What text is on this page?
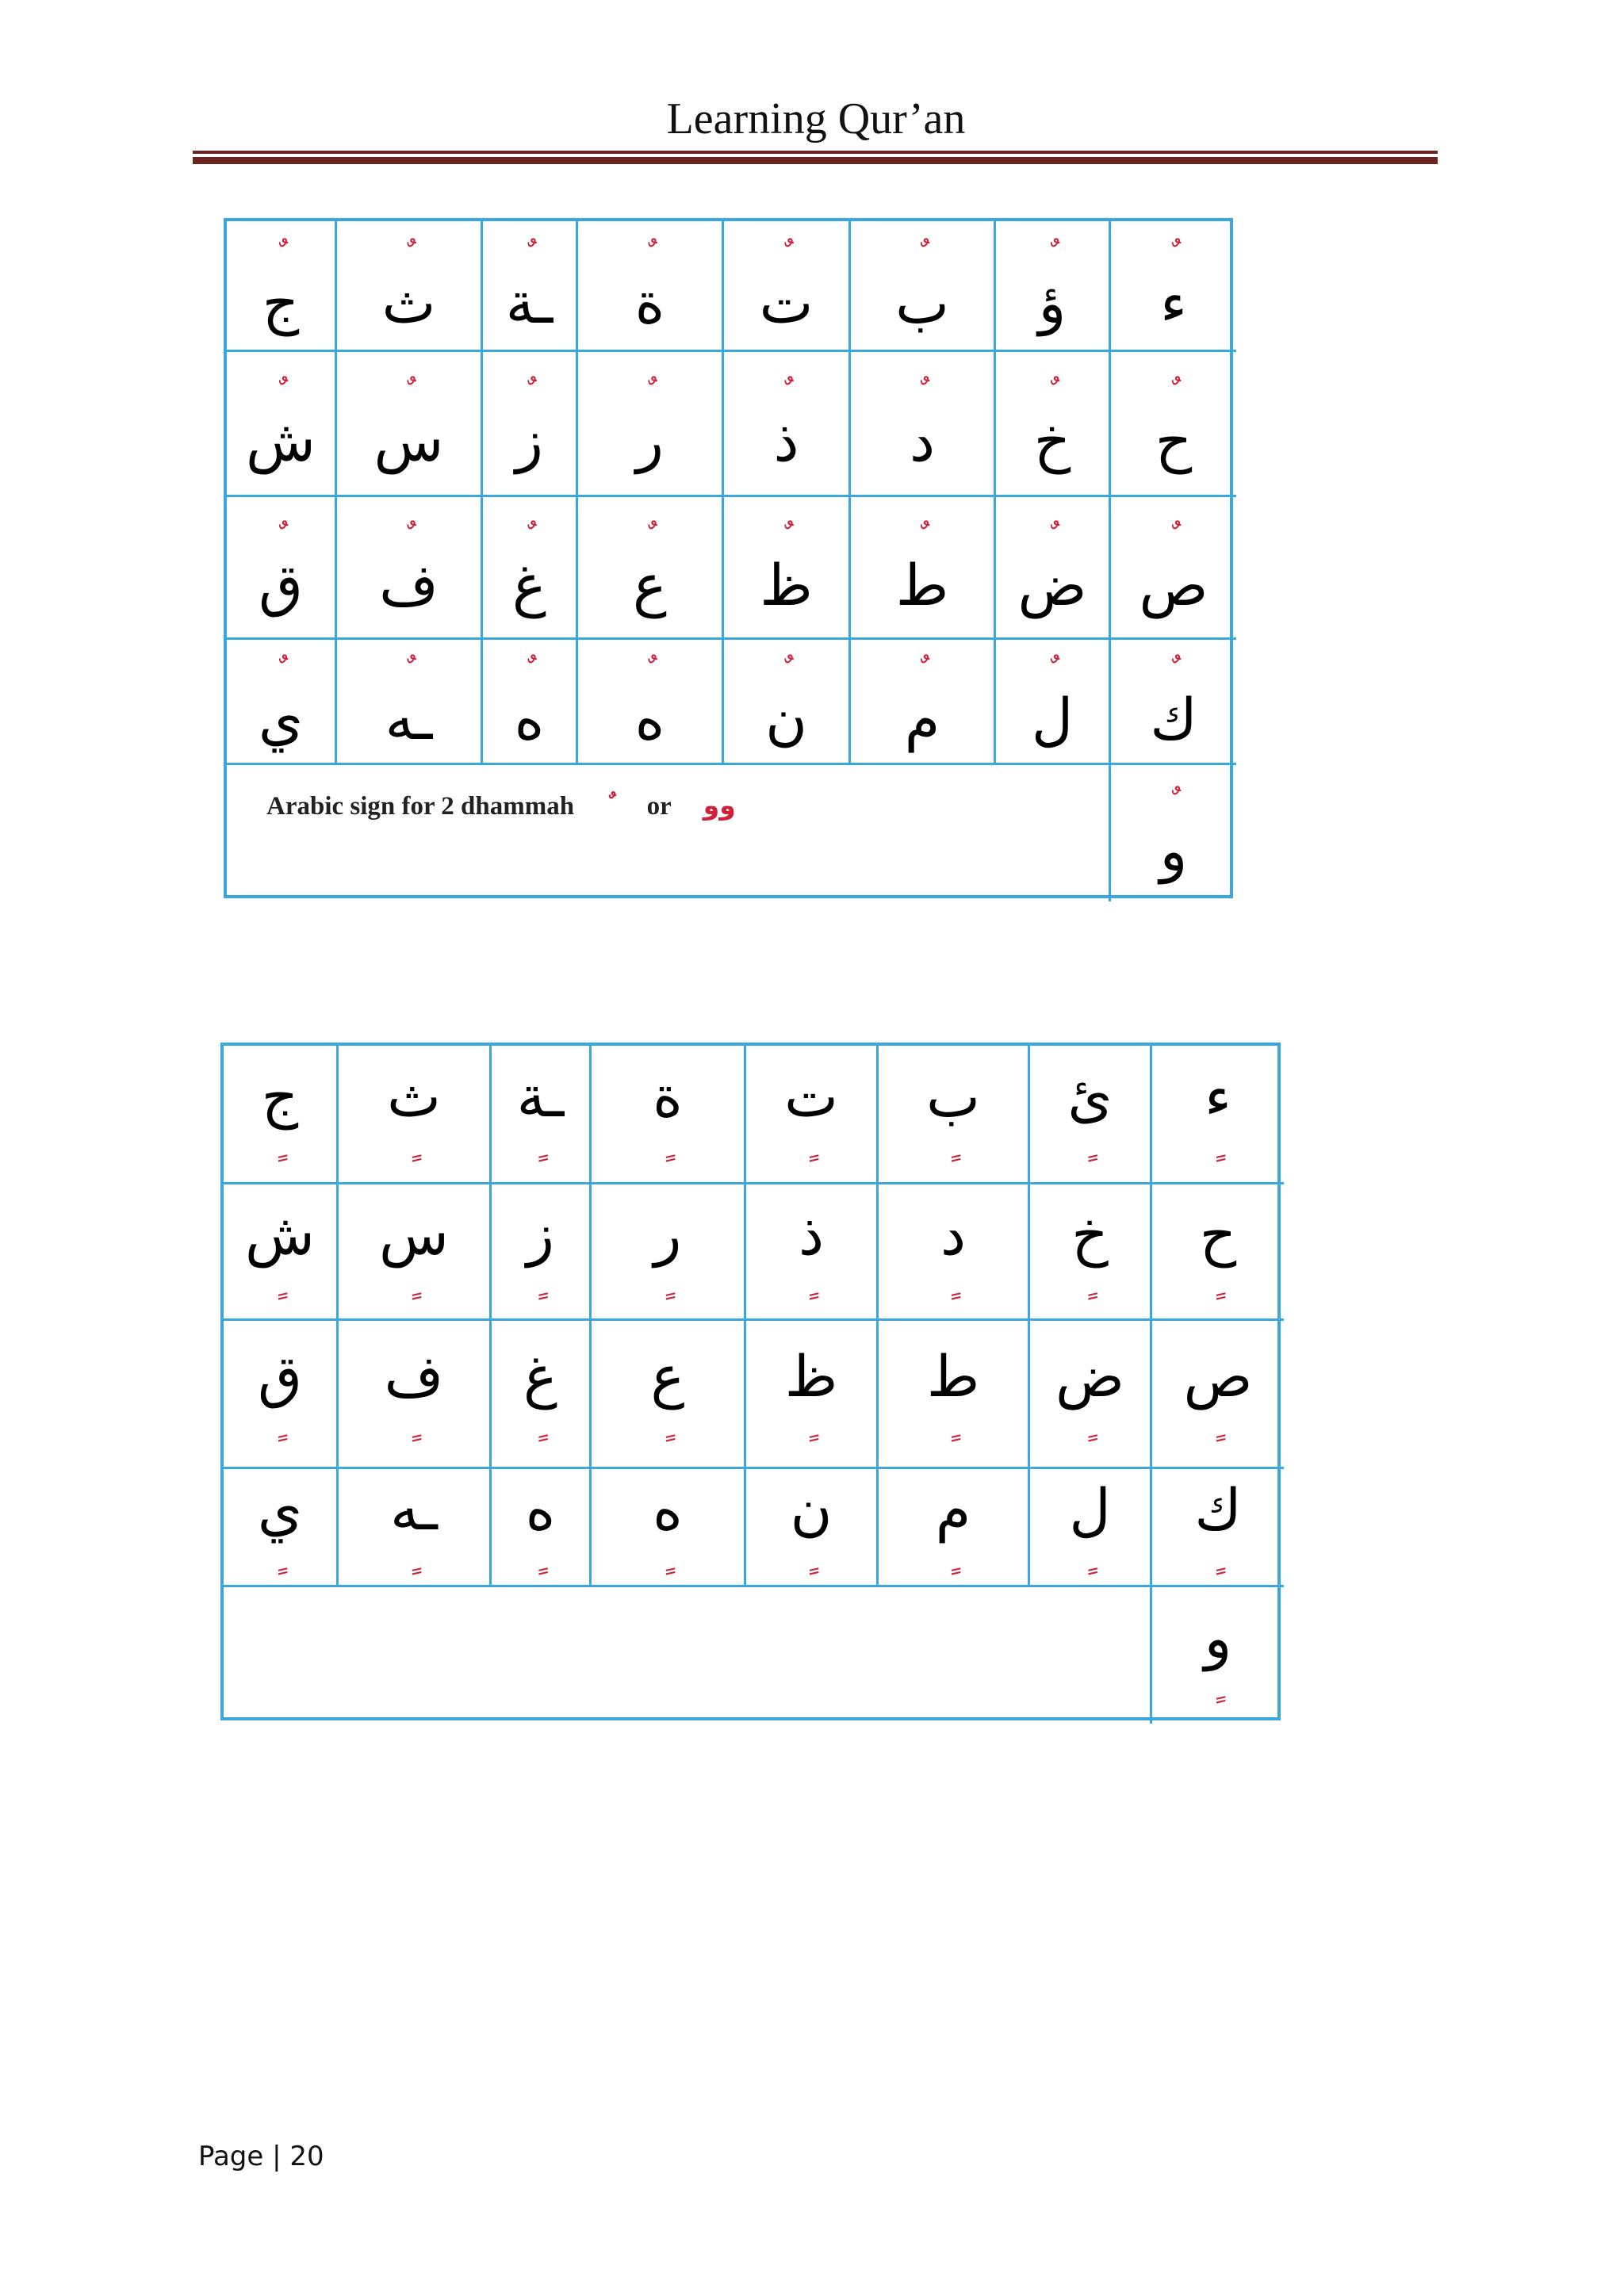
Learning Qur’an
ٌ
ج
ٌ
ث
ٌ
ـة
ٌ
ة
ٌ
ت
ٌ
ب
ٌ
ؤ
ٌ
ء
ٌ
ش
ٌ
س
ٌ
ز
ٌ
ر
ٌ
ذ
ٌ
د
ٌ
خ
ٌ
ح
ٌ
ق
ٌ
ف
ٌ
غ
ٌ
ع
ٌ
ظ
ٌ
ط
ٌ
ض
ٌ
ص
ٌ
ي
ٌ
ـه
ٌ
ه
ٌ
ه
ٌ
ن
ٌ
م
ٌ
ل
ٌ
ك
Arabic sign for 2 dhammah ٌ or وو	ٌ
و
ج
ٍ
ث
ٍ
ـة
ٍ
ة
ٍ
ت
ٍ
ب
ٍ
ئ
ٍ
ء
ٍ
ش
ٍ
س
ٍ
ز
ٍ
ر
ٍ
ذ
ٍ
د
ٍ
خ
ٍ
ح
ٍ
ق
ٍ
ف
ٍ
غ
ٍ
ع
ٍ
ظ
ٍ
ط
ٍ
ض
ٍ
ص
ٍ
ي
ٍ
ـه
ٍ
ه
ٍ
ه
ٍ
ن
ٍ
م
ٍ
ل
ٍ
ك
ٍ
و
ٍ
Page | 20
